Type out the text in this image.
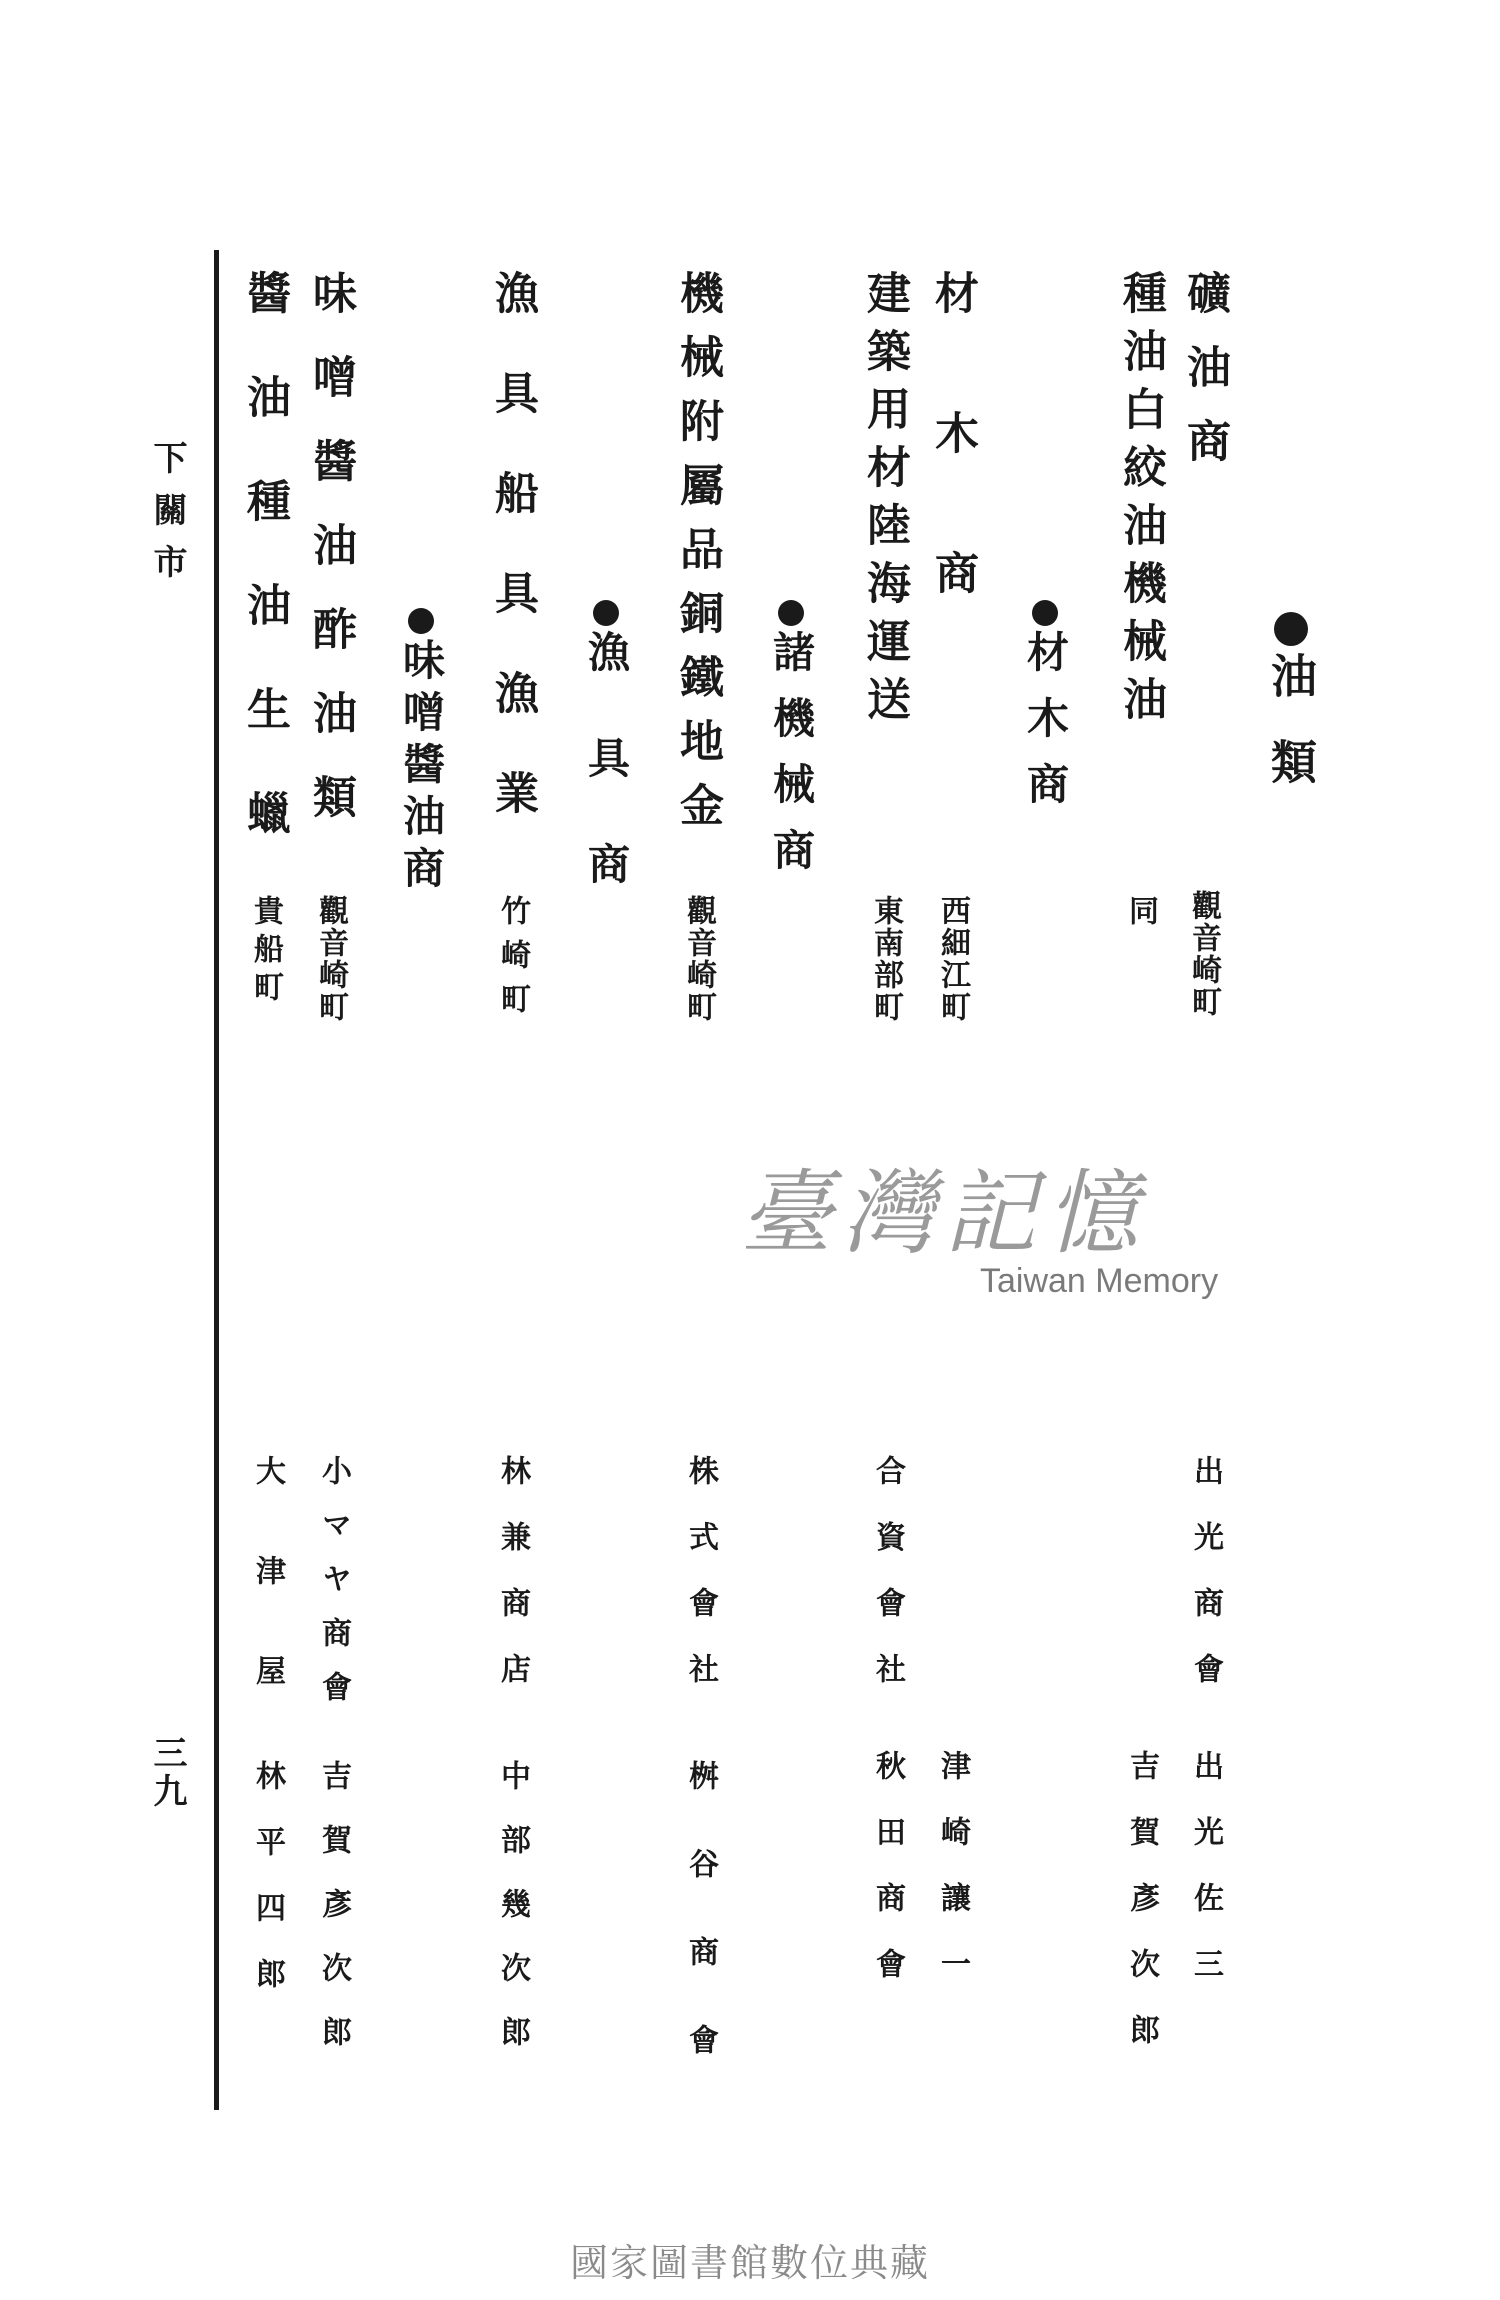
油類
礦油商
觀音崎町
出光商會
出光佐三
種油白絞油機械油
同
吉賀彥次郎
材木商
材木商
西細江町
津崎讓一
建築用材陸海運送
東南部町
合資會社
秋田商會
諸機械商
機械附屬品銅鐵地金
觀音崎町
株式會社
桝谷商會
漁具商
漁具船具漁業
竹崎町
林兼商店
中部幾次郎
味噌醬油商
味噌醬油酢油類
觀音崎町
小マヤ商會
吉賀彥次郎
醬油種油生蠟
貴船町
大津屋
林平四郎
下關市
三九
臺灣記憶
Taiwan Memory
國家圖書館數位典藏
